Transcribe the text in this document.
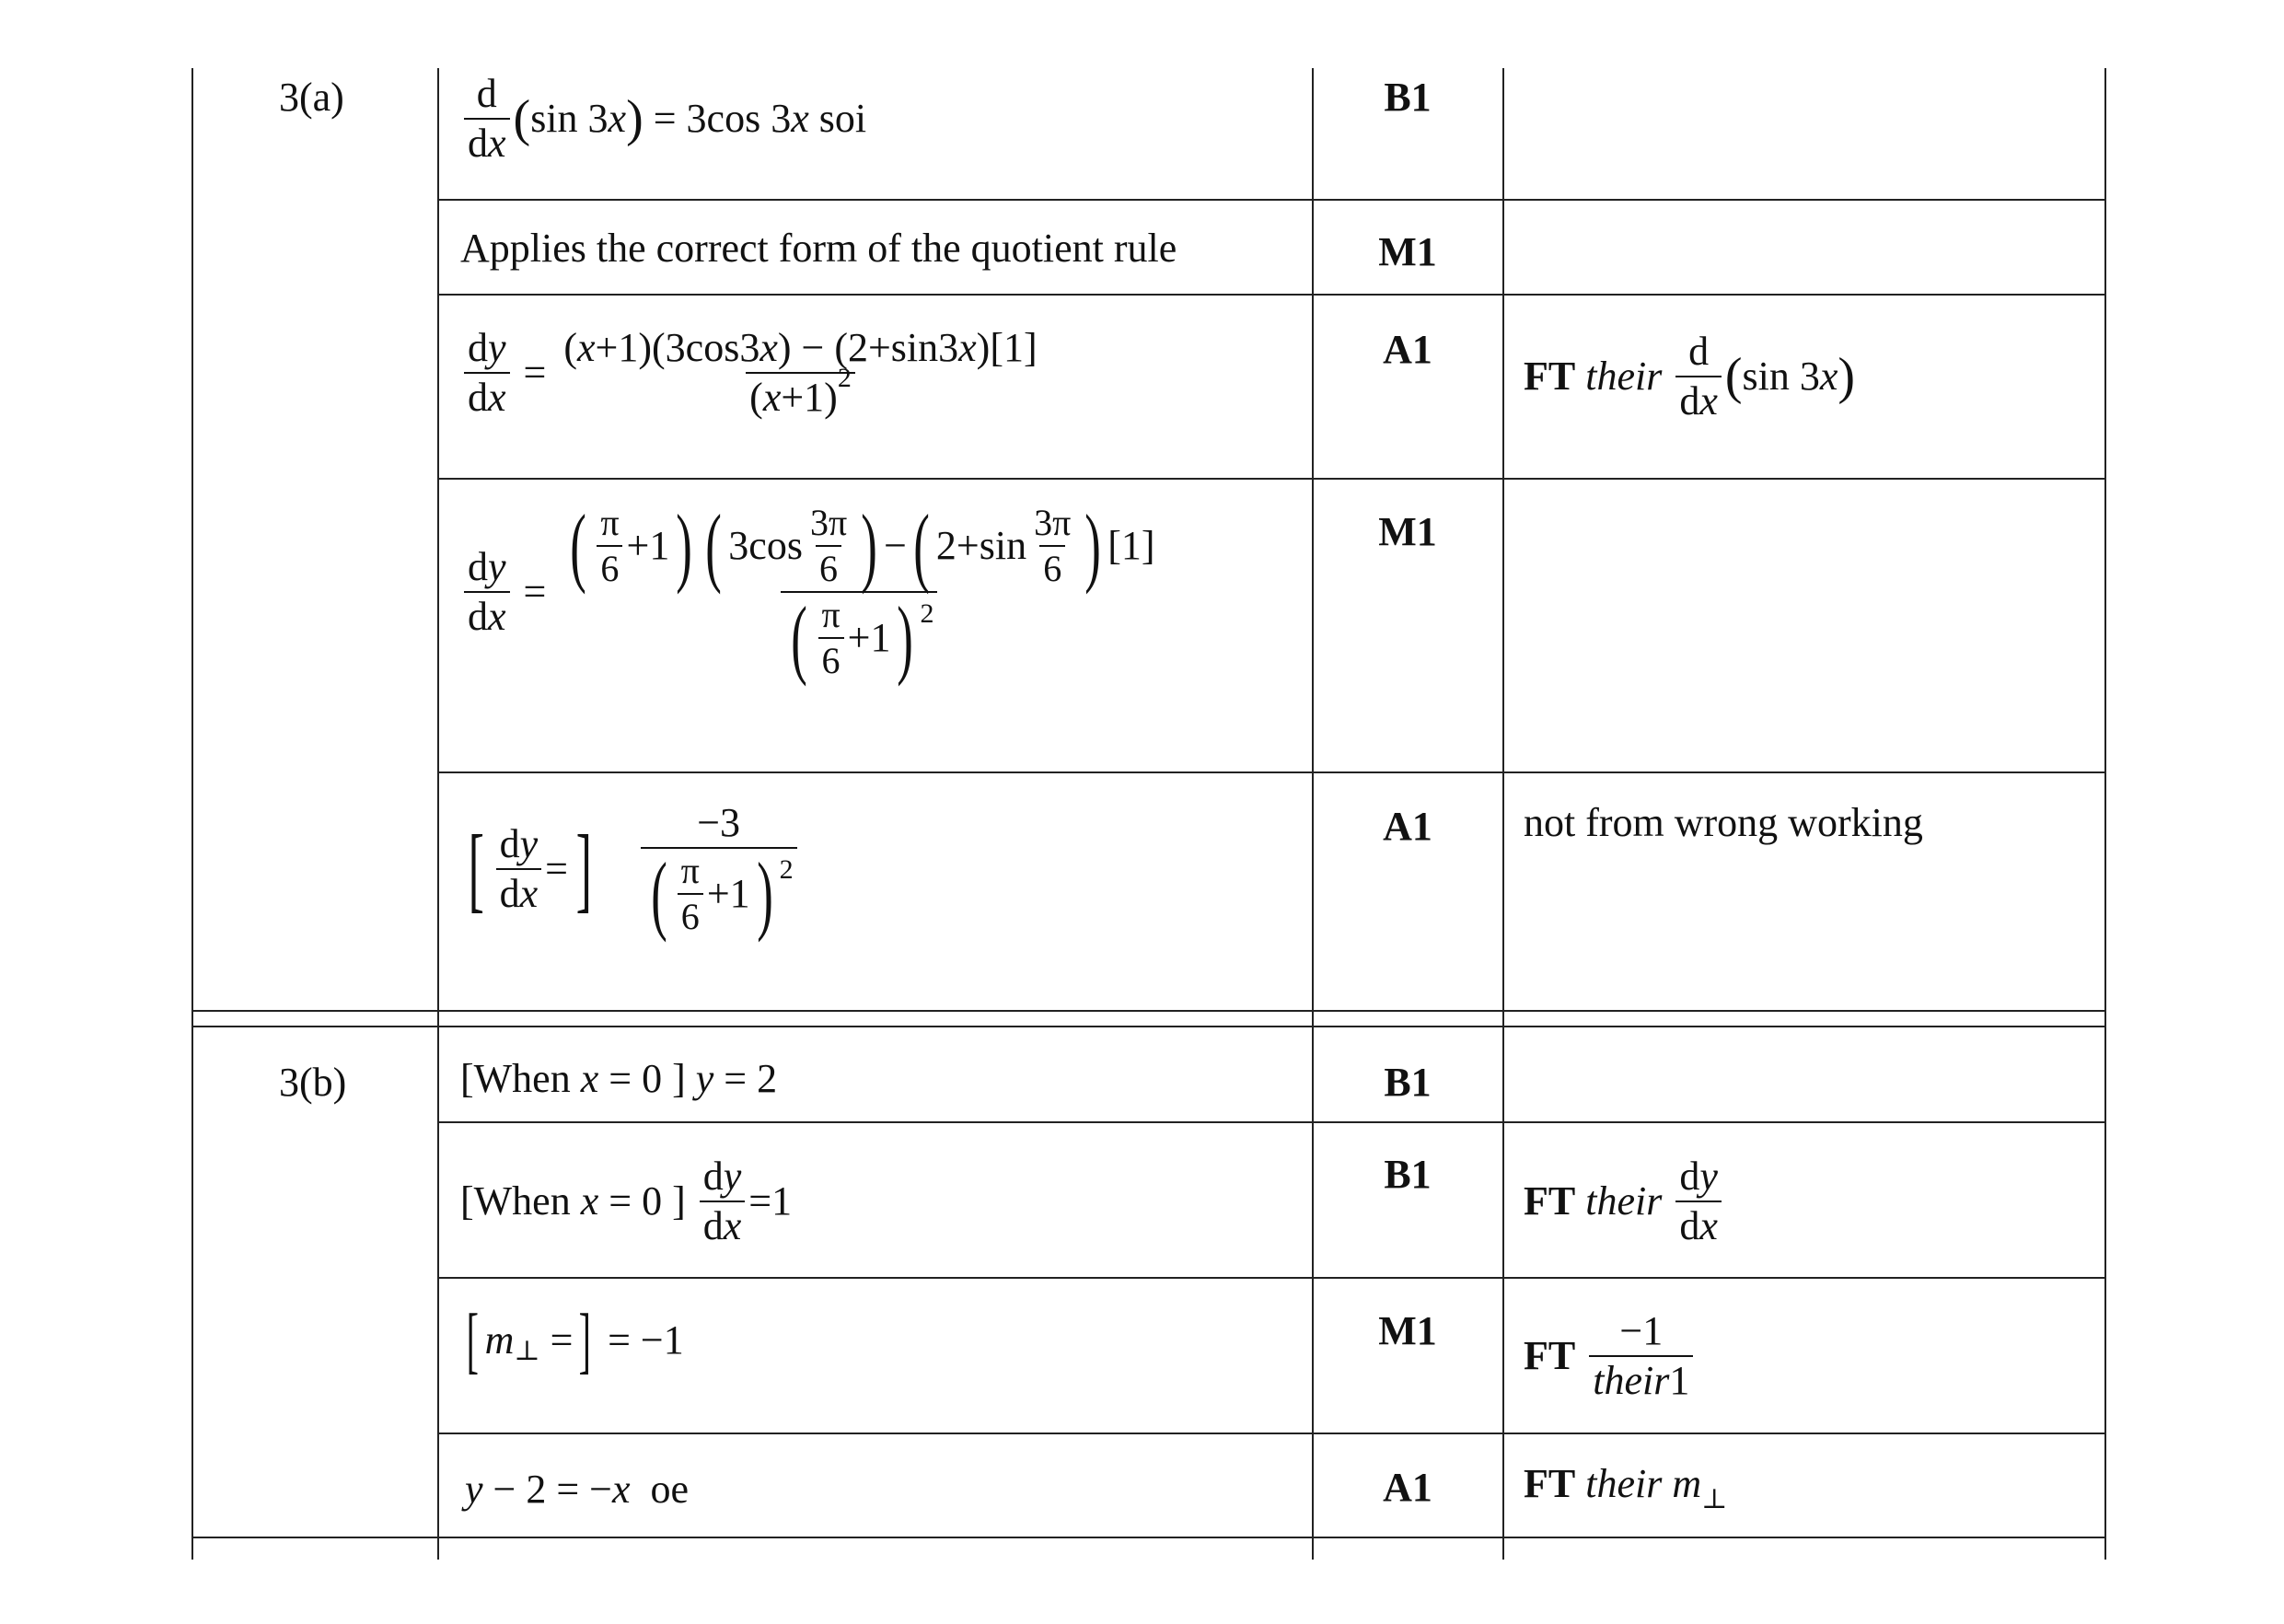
3(a)
3(b)
B1
M1
A1
M1
A1
B1
B1
M1
A1
$\frac{d}{dx}$ ( sin 3 x ) = 3cos 3 x
soi
Applies the correct form of the quotient rule
$\frac{dy}{dx} = \frac{(x+1)(3\cos 3x) - (2+\sin 3x)[1]}{(x+1)^2}$
$\frac{dy}{dx}$ = ( $\frac{\pi}{6} +1$ ) ( $3\cos \frac{3\pi}{6}$ ) − ( $2+\sin \frac{3\pi}{6}$ ) [1]
( $\frac{\pi}{6} +1$ ) 2
[ $\frac{dy}{dx}$ = ] $\frac{-3}{( \frac{\pi}{6} +1 ) 2}$
FT
their
$\frac{d}{dx}$ ( sin 3 x )
not from wrong working
[When x = 0 ] y = 2
[When
x
= 0 ]
$\frac{dy}{dx} =1$
[ m ⊥ = ] = −1
y − 2 = −x oe
FT
their
$\frac{dy}{dx}$
FT
$\frac{-1}{\text{their1}}$
FT their $m_\perp$
